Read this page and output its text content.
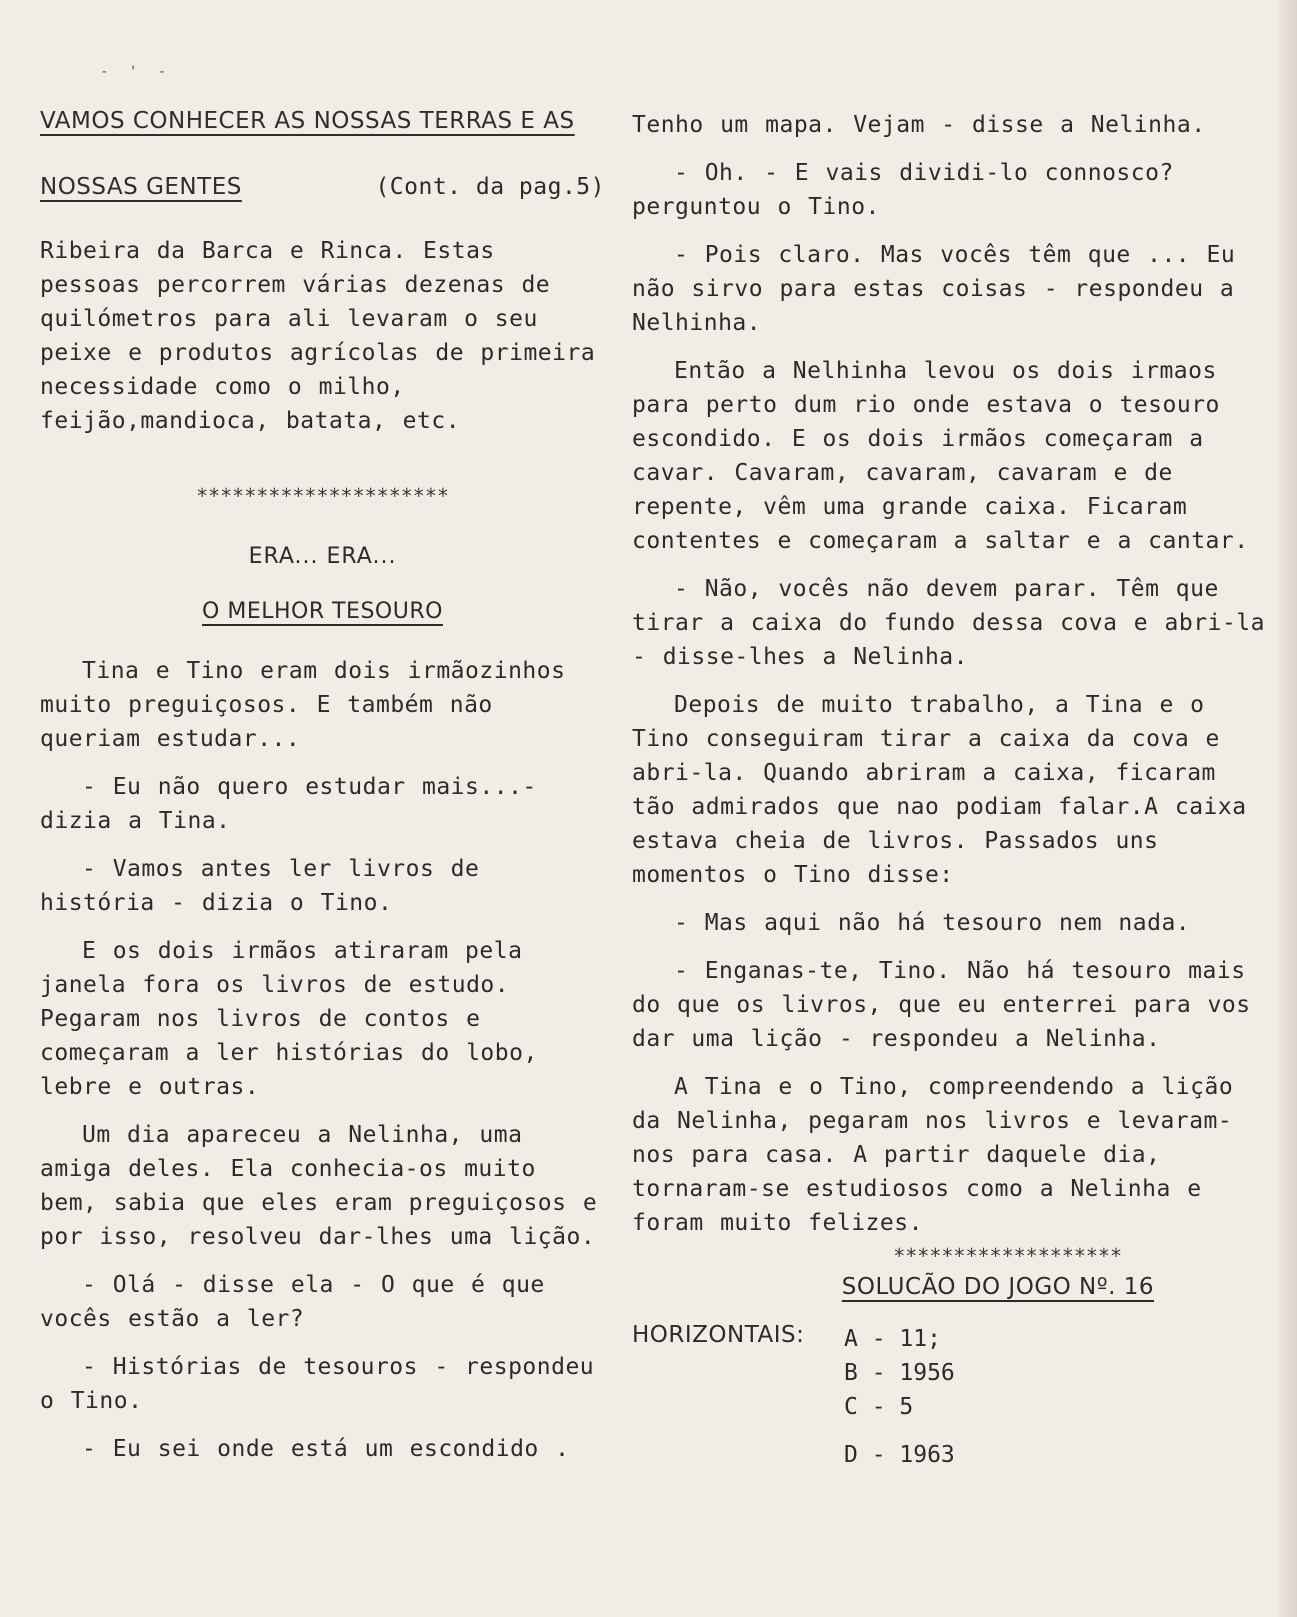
- ' -

VAMOS CONHECER AS NOSSAS TERRAS E AS

NOSSAS GENTES	(Cont. da pag.5)

Ribeira da Barca e Rinca. Estas pessoas percorrem várias dezenas de quilómetros para ali levaram o seu peixe e produtos agrícolas de primeira necessidade como o milho, feijão,mandioca, batata, etc.

*********************
ERA... ERA...
O MELHOR TESOURO

Tina e Tino eram dois irmãozinhos muito preguiçosos. E também não queriam estudar...

- Eu não quero estudar mais...-dizia a Tina.

- Vamos antes ler livros de história - dizia o Tino.

E os dois irmãos atiraram pela janela fora os livros de estudo. Pegaram nos livros de contos e começaram a ler histórias do lobo, lebre e outras.

Um dia apareceu a Nelinha, uma amiga deles. Ela conhecia-os muito bem, sabia que eles eram preguiçosos e por isso, resolveu dar-lhes uma lição.

- Olá - disse ela - O que é que vocês estão a ler?

- Histórias de tesouros - respondeu o Tino.

- Eu sei onde está um escondido .

Tenho um mapa. Vejam - disse a Nelinha.

- Oh. - E vais dividi-lo connosco? perguntou o Tino.

- Pois claro. Mas vocês têm que ... Eu não sirvo para estas coisas - respondeu a Nelhinha.

Então a Nelhinha levou os dois irmaos para perto dum rio onde estava o tesouro escondido. E os dois irmãos começaram a cavar. Cavaram, cavaram, cavaram e de repente, vêm uma grande caixa. Ficaram contentes e começaram a saltar e a cantar.

- Não, vocês não devem parar. Têm que tirar a caixa do fundo dessa cova e abri-la - disse-lhes a Nelinha.

Depois de muito trabalho, a Tina e o Tino conseguiram tirar a caixa da cova e abri-la. Quando abriram a caixa, ficaram tão admirados que nao podiam falar.A caixa estava cheia de livros. Passados uns momentos o Tino disse:

- Mas aqui não há tesouro nem nada.

- Enganas-te, Tino. Não há tesouro mais do que os livros, que eu enterrei para vos dar uma lição - respondeu a Nelinha.

A Tina e o Tino, compreendendo a lição da Nelinha, pegaram nos livros e levaram-nos para casa. A partir daquele dia, tornaram-se estudiosos como a Nelinha e foram muito felizes.

*******************
SOLUCÃO DO JOGO Nº. 16
HORIZONTAIS:	A - 11;
B - 1956
C - 5
D - 1963
